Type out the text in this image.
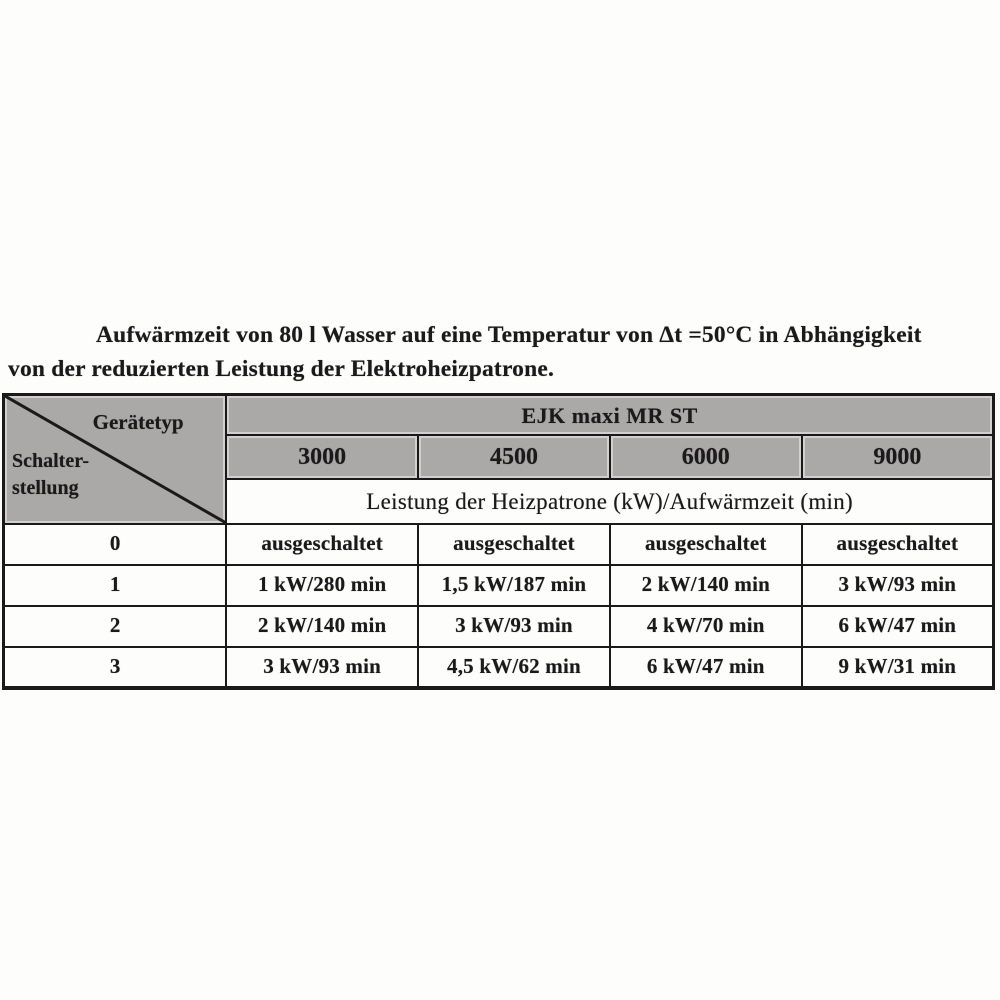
Aufwärmzeit von 80 l Wasser auf eine Temperatur von Δt =50°C in Abhängigkeit
von der reduzierten Leistung der Elektroheizpatrone.
Gerätetyp
Schalter-
stellung	EJK maxi MR ST			
	3000	4500	6000	9000
	Leistung der Heizpatrone (kW)/Aufwärmzeit (min)			
0	ausgeschaltet	ausgeschaltet	ausgeschaltet	ausgeschaltet
1	1 kW/280 min	1,5 kW/187 min	2 kW/140 min	3 kW/93 min
2	2 kW/140 min	3 kW/93 min	4 kW/70 min	6 kW/47 min
3	3 kW/93 min	4,5 kW/62 min	6 kW/47 min	9 kW/31 min
